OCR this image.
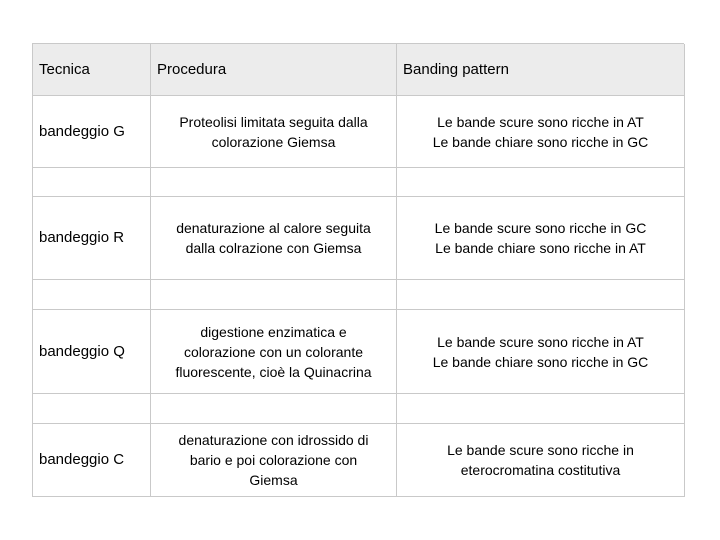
Tecnica	Procedura	Banding pattern
bandeggio G
Proteolisi limitata seguita dalla
colorazione Giemsa
Le bande scure sono ricche in AT
Le bande chiare sono ricche in GC
bandeggio R
denaturazione al calore seguita
dalla colrazione con Giemsa
Le bande scure sono ricche in GC
Le bande chiare sono ricche in AT
bandeggio Q
digestione enzimatica e
colorazione con un colorante
fluorescente, cioè la Quinacrina
Le bande scure sono ricche in AT
Le bande chiare sono ricche in GC
bandeggio C
denaturazione con idrossido di
bario e poi colorazione con
Giemsa
Le bande scure sono ricche in
eterocromatina costitutiva
